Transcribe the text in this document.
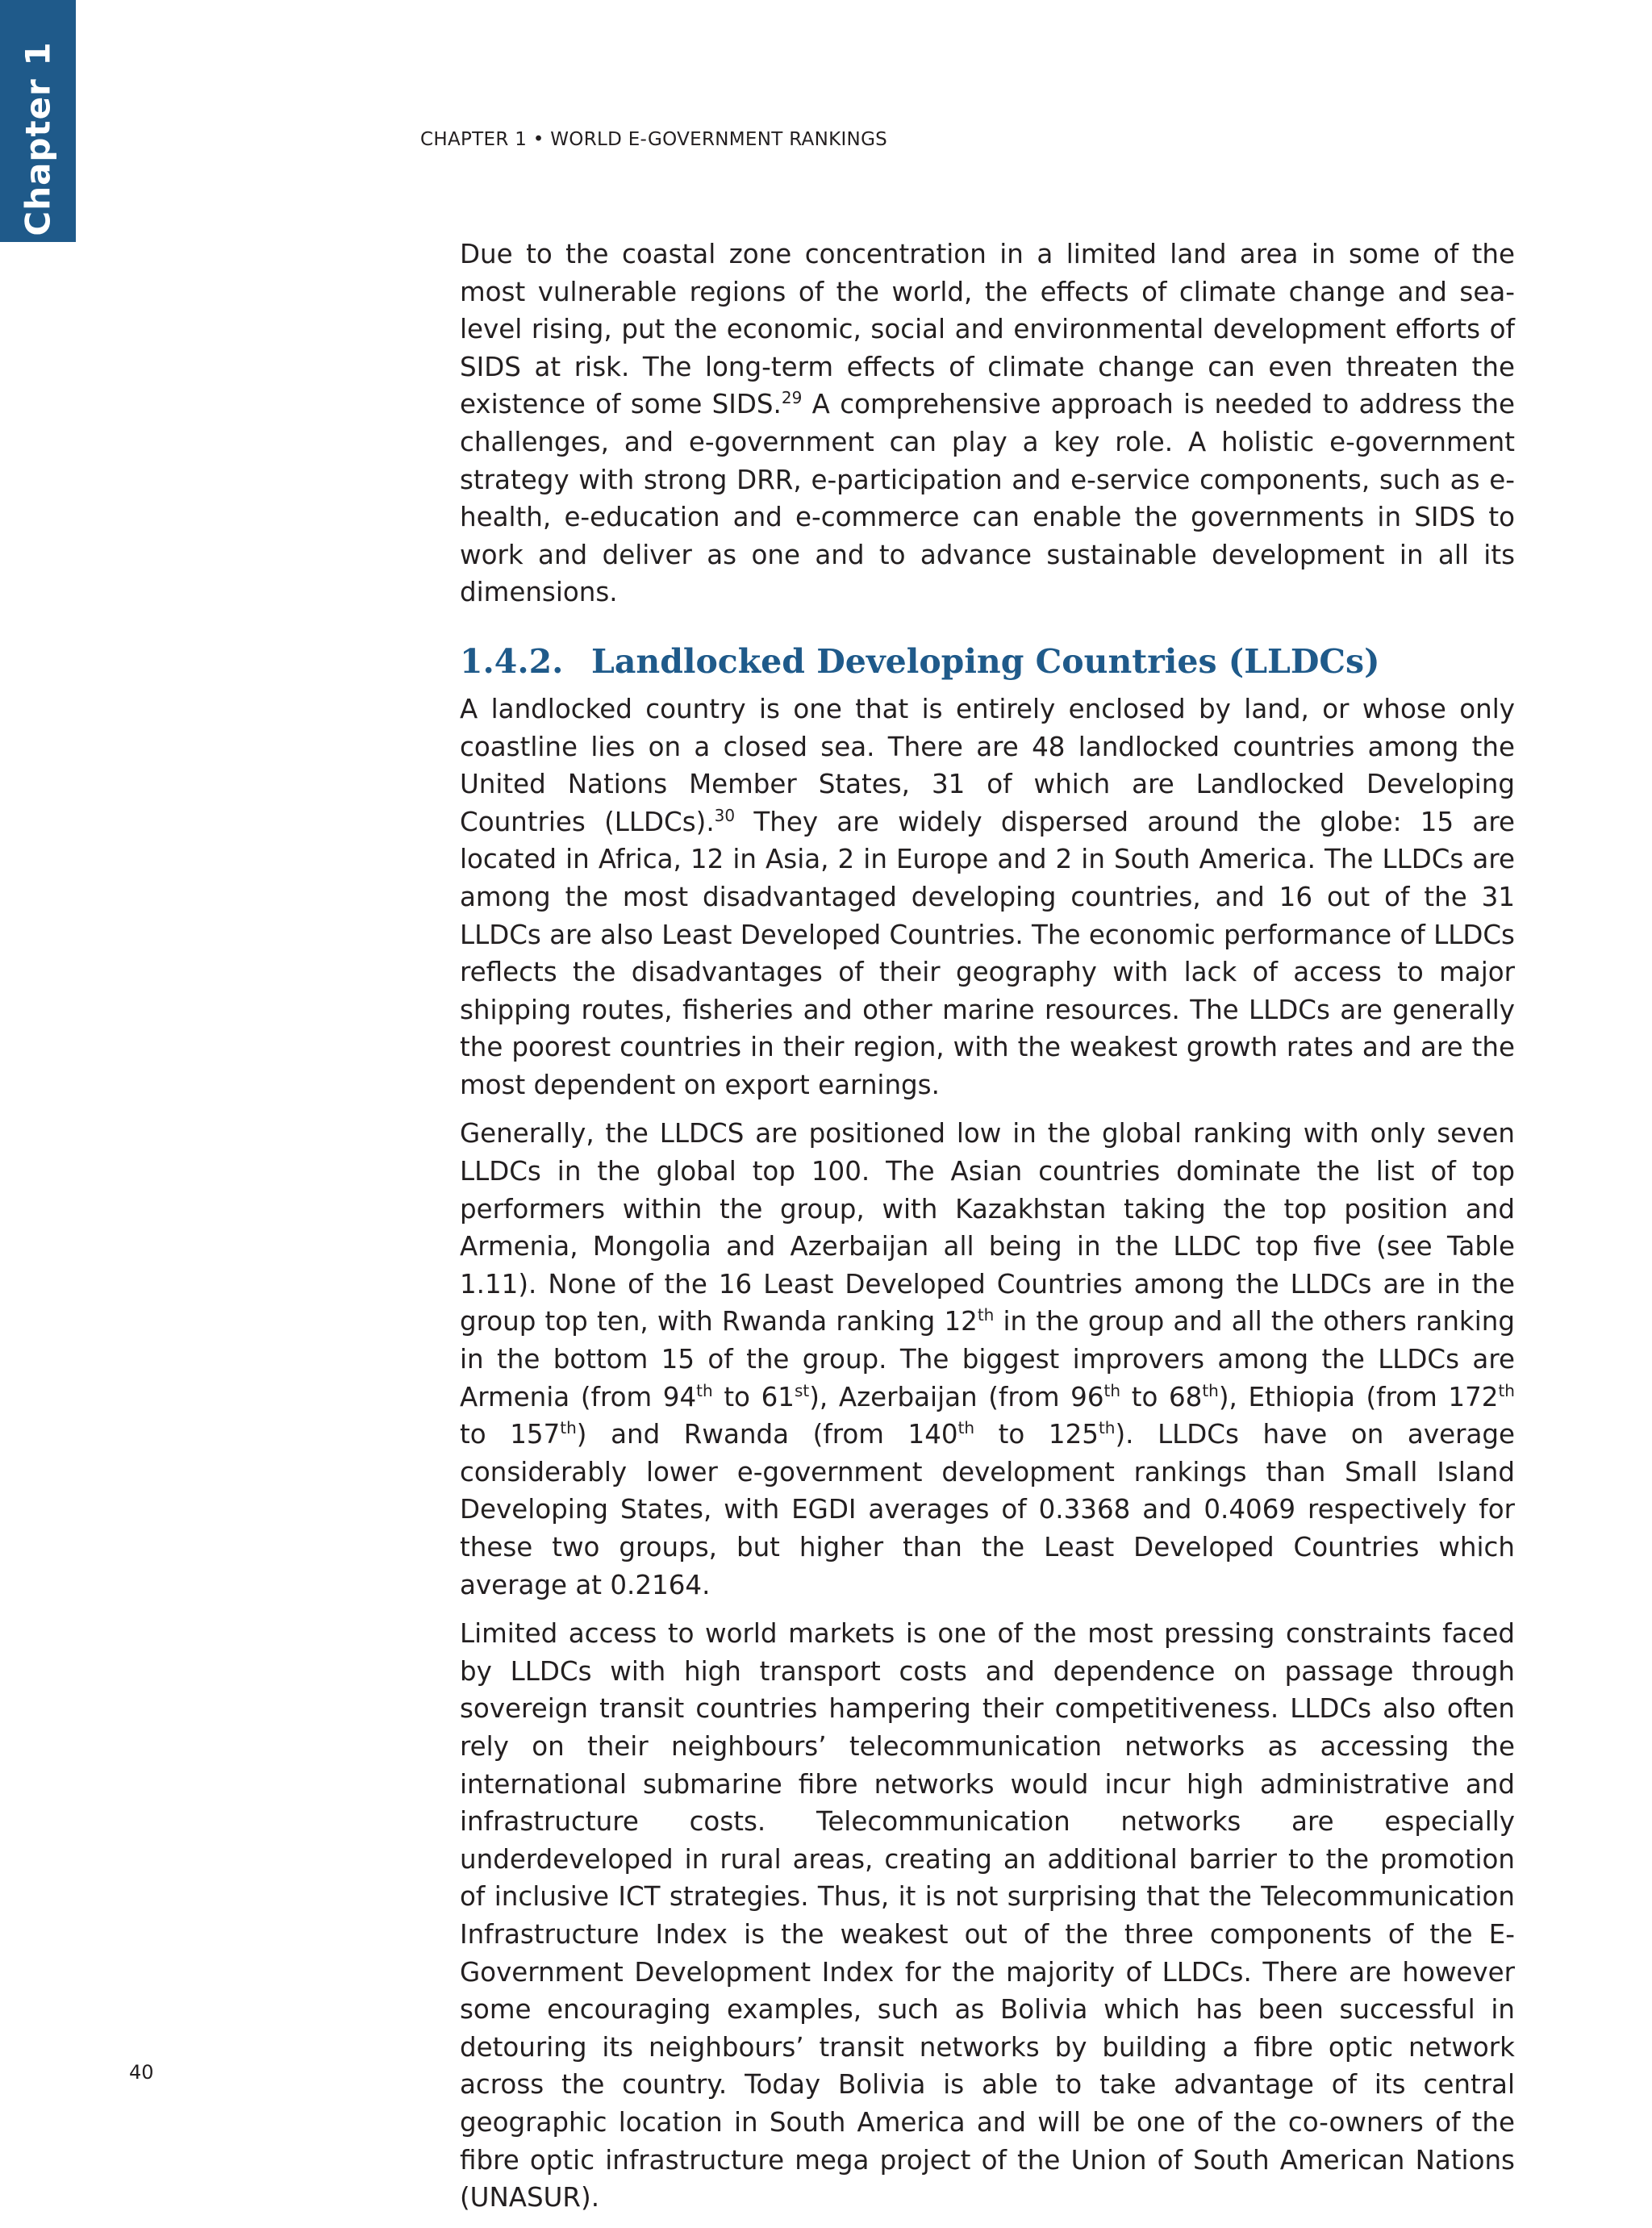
Chapter 1	CHAPTER 1 • WORLD E-GOVERNMENT RANKINGS

Due to the coastal zone concentration in a limited land area in some of the most vulnerable regions of the world, the effects of climate change and sea-level rising, put the economic, social and environmental development efforts of SIDS at risk. The long-term effects of climate change can even threaten the existence of some SIDS.$^{29}$ A comprehensive approach is needed to address the challenges, and e-government can play a key role. A holistic e-government strategy with strong DRR, e-participation and e-service components, such as e-health, e-education and e-commerce can enable the governments in SIDS to work and deliver as one and to advance sustainable development in all its dimensions.

1.4.2. Landlocked Developing Countries (LLDCs)

A landlocked country is one that is entirely enclosed by land, or whose only coastline lies on a closed sea. There are 48 landlocked countries among the United Nations Member States, 31 of which are Landlocked Developing Countries (LLDCs).$^{30}$ They are widely dispersed around the globe: 15 are located in Africa, 12 in Asia, 2 in Europe and 2 in South America. The LLDCs are among the most disadvantaged developing countries, and 16 out of the 31 LLDCs are also Least Developed Countries. The economic performance of LLDCs reflects the disadvantages of their geography with lack of access to major shipping routes, fisheries and other marine resources. The LLDCs are generally the poorest countries in their region, with the weakest growth rates and are the most dependent on export earnings.

Generally, the LLDCS are positioned low in the global ranking with only seven LLDCs in the global top 100. The Asian countries dominate the list of top performers within the group, with Kazakhstan taking the top position and Armenia, Mongolia and Azerbaijan all being in the LLDC top five (see Table 1.11). None of the 16 Least Developed Countries among the LLDCs are in the group top ten, with Rwanda ranking 12th in the group and all the others ranking in the bottom 15 of the group. The biggest improvers among the LLDCs are Armenia (from 94th to 61st), Azerbaijan (from 96th to 68th), Ethiopia (from 172th to 157th) and Rwanda (from 140th to 125th). LLDCs have on average considerably lower e-government development rankings than Small Island Developing States, with EGDI averages of 0.3368 and 0.4069 respectively for these two groups, but higher than the Least Developed Countries which average at 0.2164.

Limited access to world markets is one of the most pressing constraints faced by LLDCs with high transport costs and dependence on passage through sovereign transit countries hampering their competitiveness. LLDCs also often rely on their neighbours’ telecommunication networks as accessing the international submarine fibre networks would incur high administrative and infrastructure costs. Telecommunication networks are especially underdeveloped in rural areas, creating an additional barrier to the promotion of inclusive ICT strategies. Thus, it is not surprising that the Telecommunication Infrastructure Index is the weakest out of the three components of the E-Government Development Index for the majority of LLDCs. There are however some encouraging examples, such as Bolivia which has been successful in detouring its neighbours’ transit networks by building a fibre optic network across the country. Today Bolivia is able to take advantage of its central geographic location in South America and will be one of the co-owners of the fibre optic infrastructure mega project of the Union of South American Nations (UNASUR).

40
